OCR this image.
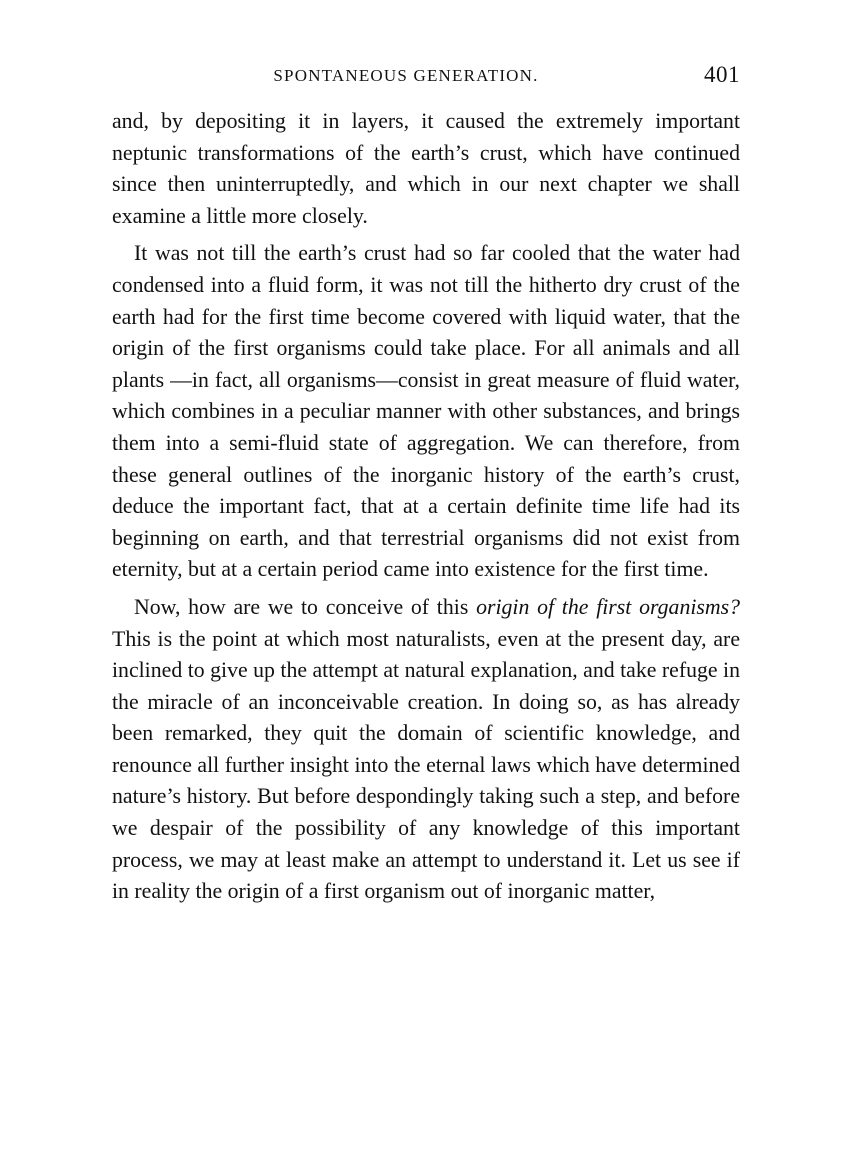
SPONTANEOUS GENERATION.	401

and, by depositing it in layers, it caused the extremely important neptunic transformations of the earth’s crust, which have continued since then uninterruptedly, and which in our next chapter we shall examine a little more closely.

It was not till the earth’s crust had so far cooled that the water had condensed into a fluid form, it was not till the hitherto dry crust of the earth had for the first time become covered with liquid water, that the origin of the first organisms could take place. For all animals and all plants —in fact, all organisms—consist in great measure of fluid water, which combines in a peculiar manner with other substances, and brings them into a semi-fluid state of aggregation. We can therefore, from these general outlines of the inorganic history of the earth’s crust, deduce the important fact, that at a certain definite time life had its beginning on earth, and that terrestrial organisms did not exist from eternity, but at a certain period came into existence for the first time.

Now, how are we to conceive of this origin of the first organisms? This is the point at which most naturalists, even at the present day, are inclined to give up the attempt at natural explanation, and take refuge in the miracle of an inconceivable creation. In doing so, as has already been remarked, they quit the domain of scientific knowledge, and renounce all further insight into the eternal laws which have determined nature’s history. But before despondingly taking such a step, and before we despair of the possibility of any knowledge of this important process, we may at least make an attempt to understand it. Let us see if in reality the origin of a first organism out of inorganic matter,
